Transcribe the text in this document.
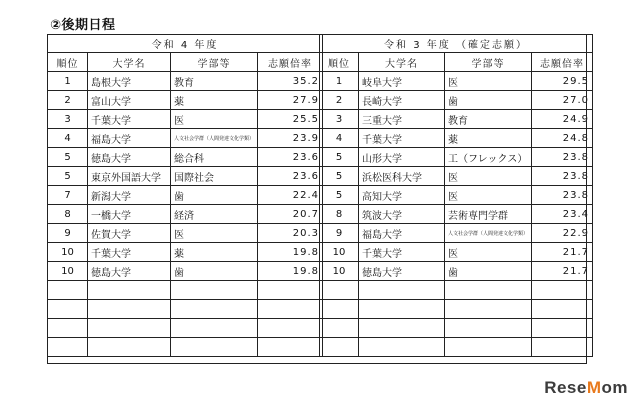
②後期日程
令和 4 年度			
順位	大学名	学部等	志願倍率
1	島根大学	教育	35.2
2	富山大学	薬	27.9
3	千葉大学	医	25.5
4	福島大学	人文社会学群（人間発達文化学類）	23.9
5	徳島大学	総合科	23.6
5	東京外国語大学	国際社会	23.6
7	新潟大学	歯	22.4
8	一橋大学	経済	20.7
9	佐賀大学	医	20.3
10	千葉大学	薬	19.8
10	徳島大学	歯	19.8

令和 3 年度 （確定志願）			
順位	大学名	学部等	志願倍率
1	岐阜大学	医	29.5
2	長崎大学	歯	27.0
3	三重大学	教育	24.9
4	千葉大学	薬	24.8
5	山形大学	工（フレックス）	23.8
5	浜松医科大学	医	23.8
5	高知大学	医	23.8
8	筑波大学	芸術専門学群	23.4
9	福島大学	人文社会学群（人間発達文化学類）	22.9
10	千葉大学	医	21.7
10	徳島大学	歯	21.7

ReseMom
